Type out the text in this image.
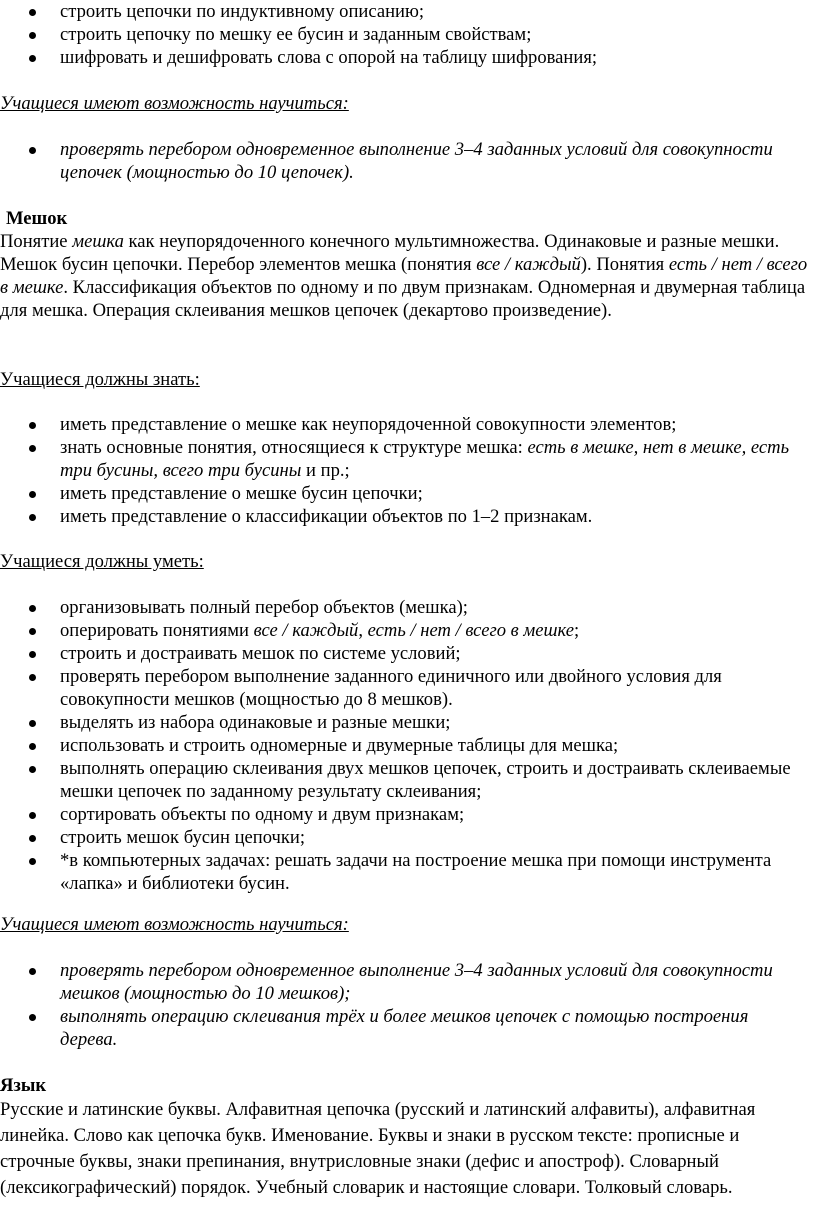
строить цепочки по индуктивному описанию;
строить цепочку по мешку ее бусин и заданным свойствам;
шифровать и дешифровать слова с опорой на таблицу шифрования;

Учащиеся имеют возможность научиться:

проверять перебором одновременное выполнение 3–4 заданных условий для совокупности цепочек (мощностью до 10 цепочек).

Мешок

Понятие мешка как неупорядоченного конечного мультимножества. Одинаковые и разные мешки. Мешок бусин цепочки. Перебор элементов мешка (понятия все / каждый). Понятия есть / нет / всего в мешке. Классификация объектов по одному и по двум признакам. Одномерная и двумерная таблица для мешка. Операция склеивания мешков цепочек (декартово произведение).

Учащиеся должны знать:

иметь представление о мешке как неупорядоченной совокупности элементов;
знать основные понятия, относящиеся к структуре мешка: есть в мешке, нет в мешке, есть три бусины, всего три бусины и пр.;
иметь представление о мешке бусин цепочки;
иметь представление о классификации объектов по 1–2 признакам.

Учащиеся должны уметь:

организовывать полный перебор объектов (мешка);
оперировать понятиями все / каждый, есть / нет / всего в мешке;
строить и достраивать мешок по системе условий;
проверять перебором выполнение заданного единичного или двойного условия для совокупности мешков (мощностью до 8 мешков).
выделять из набора одинаковые и разные мешки;
использовать и строить одномерные и двумерные таблицы для мешка;
выполнять операцию склеивания двух мешков цепочек, строить и достраивать склеиваемые мешки цепочек по заданному результату склеивания;
сортировать объекты по одному и двум признакам;
строить мешок бусин цепочки;
*в компьютерных задачах: решать задачи на построение мешка при помощи инструмента «лапка» и библиотеки бусин.

Учащиеся имеют возможность научиться:

проверять перебором одновременное выполнение 3–4 заданных условий для совокупности мешков (мощностью до 10 мешков);
выполнять операцию склеивания трёх и более мешков цепочек с помощью построения дерева.

Язык

Русские и латинские буквы. Алфавитная цепочка (русский и латинский алфавиты), алфавитная линейка. Слово как цепочка букв. Именование. Буквы и знаки в русском тексте: прописные и строчные буквы, знаки препинания, внутрисловные знаки (дефис и апостроф). Словарный (лексикографический) порядок. Учебный словарик и настоящие словари. Толковый словарь.
